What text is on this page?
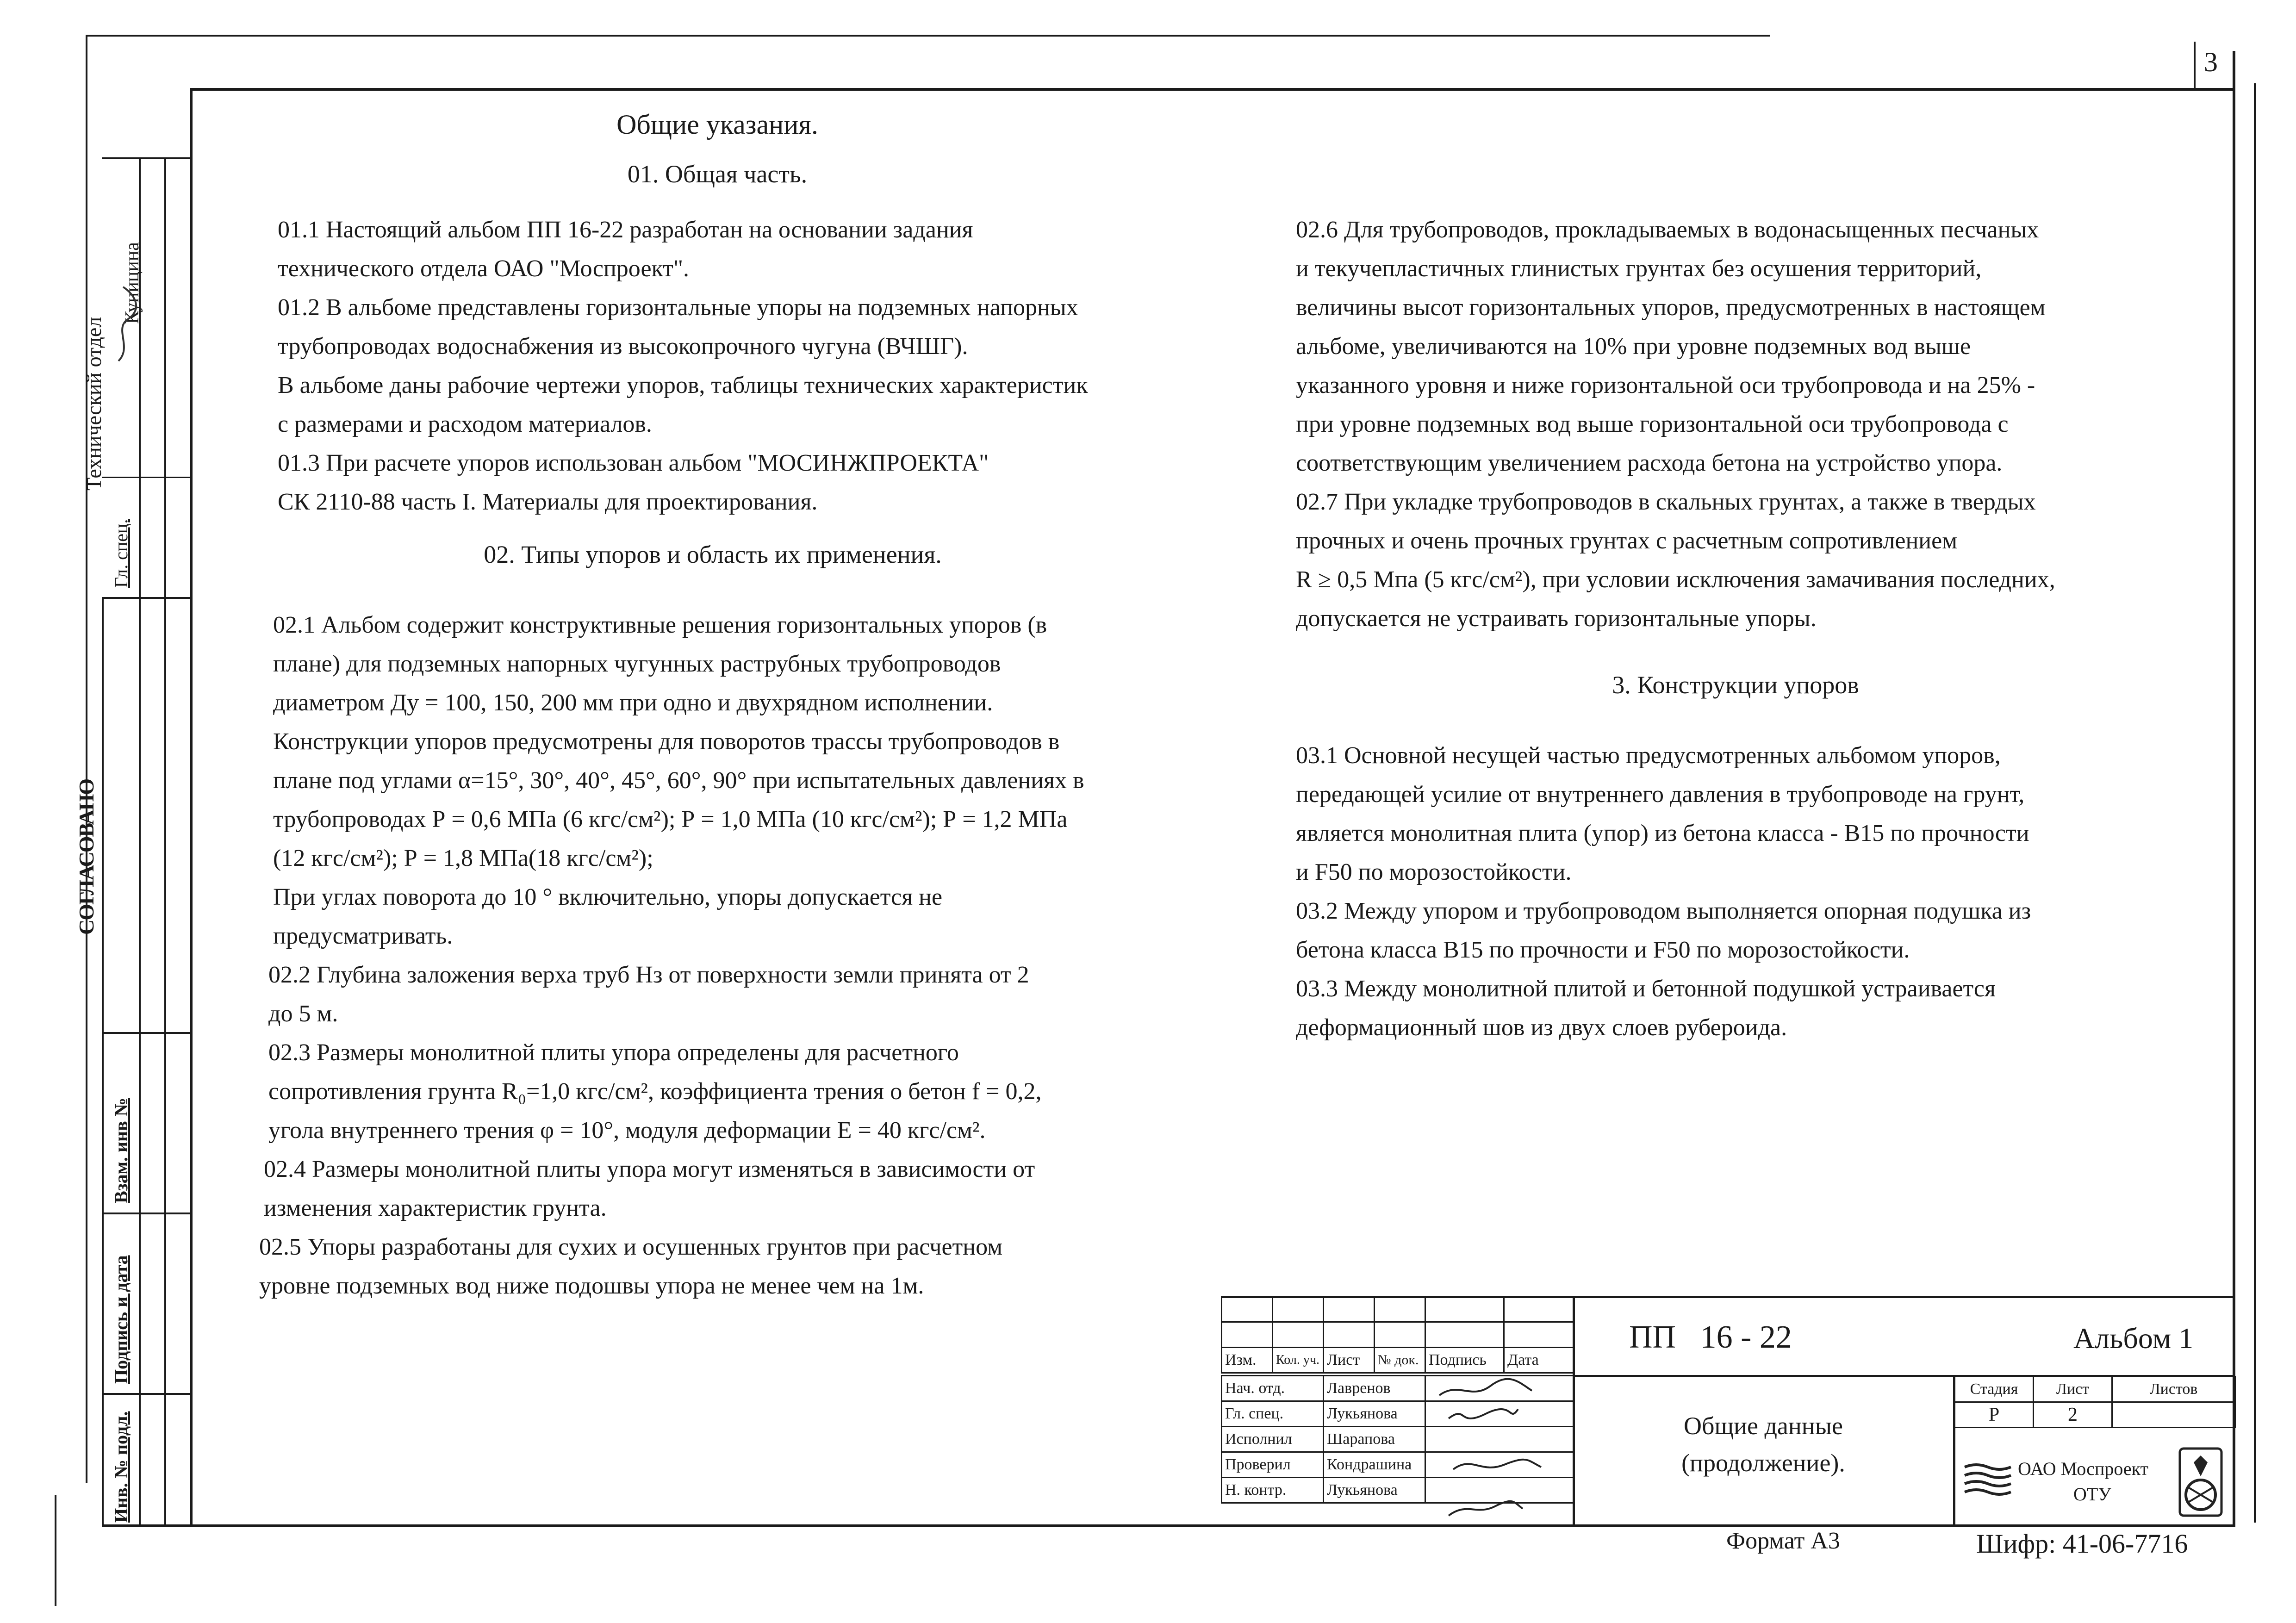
3
Технический отдел
Гл. спец.
Куницина
СОГЛАСОВАНО
Взам. инв №
Подпись и дата
Инв. № подл.
Общие указания.
01. Общая часть.

01.1 Настоящий альбом ПП 16-22 разработан на основании задания

технического отдела ОАО "Моспроект".

01.2 В альбоме представлены горизонтальные упоры на подземных напорных

трубопроводах водоснабжения из высокопрочного чугуна (ВЧШГ).

В альбоме даны рабочие чертежи упоров, таблицы технических характеристик

с размерами и расходом материалов.

01.3 При расчете упоров использован альбом "МОСИНЖПРОЕКТА"

СК 2110-88 часть I. Материалы для проектирования.

02. Типы упоров и область их применения.

02.1 Альбом содержит конструктивные решения горизонтальных упоров (в

плане) для подземных напорных чугунных раструбных трубопроводов

диаметром Ду = 100, 150, 200 мм при одно и двухрядном исполнении.

Конструкции упоров предусмотрены для поворотов трассы трубопроводов в

плане под углами α=15°, 30°, 40°, 45°, 60°, 90° при испытательных давлениях в

трубопроводах Р = 0,6 МПа (6 кгс/см²); Р = 1,0 МПа (10 кгс/см²); Р = 1,2 МПа

(12 кгс/см²); Р = 1,8 МПа(18 кгс/см²);

При углах поворота до 10 ° включительно, упоры допускается не

предусматривать.

02.2 Глубина заложения верха труб Нз от поверхности земли принята от 2

до 5 м.

02.3 Размеры монолитной плиты упора определены для расчетного

сопротивления грунта R₀=1,0 кгс/см², коэффициента трения о бетон f = 0,2,

угола внутреннего трения φ = 10°, модуля деформации Е = 40 кгс/см².

02.4 Размеры монолитной плиты упора могут изменяться в зависимости от

изменения характеристик грунта.

02.5 Упоры разработаны для сухих и осушенных грунтов при расчетном

уровне подземных вод ниже подошвы упора не менее чем на 1м.

02.6 Для трубопроводов, прокладываемых в водонасыщенных песчаных

и текучепластичных глинистых грунтах без осушения территорий,

величины высот горизонтальных упоров, предусмотренных в настоящем

альбоме, увеличиваются на 10% при уровне подземных вод выше

указанного уровня и ниже горизонтальной оси трубопровода и на 25% -

при уровне подземных вод выше горизонтальной оси трубопровода с

соответствующим увеличением расхода бетона на устройство упора.

02.7 При укладке трубопроводов в скальных грунтах, а также в твердых

прочных и очень прочных грунтах с расчетным сопротивлением

R ≥ 0,5 Мпа (5 кгс/см²), при условии исключения замачивания последних,

допускается не устраивать горизонтальные упоры.

3. Конструкции упоров

03.1 Основной несущей частью предусмотренных альбомом упоров,

передающей усилие от внутреннего давления в трубопроводе на грунт,

является монолитная плита (упор) из бетона класса - В15 по прочности

и F50 по морозостойкости.

03.2 Между упором и трубопроводом выполняется опорная подушка из

бетона класса В15 по прочности и F50 по морозостойкости.

03.3 Между монолитной плитой и бетонной подушкой устраивается

деформационный шов из двух слоев рубероида.

Изм.	Кол. уч.	Лист	№ док.	Подпись	Дата
Нач. отд.	Лавренов	
Гл. спец.	Лукьянова	
Исполнил	Шарапова	
Проверил	Кондрашина	
Н. контр.	Лукьянова	
ПП   16 - 22	Альбом 1
Общие данные
(продолжение).
Стадия	Лист	Листов
Р	2	
ОАО Моспроект
ОТУ
Формат А3	Шифр: 41-06-7716
